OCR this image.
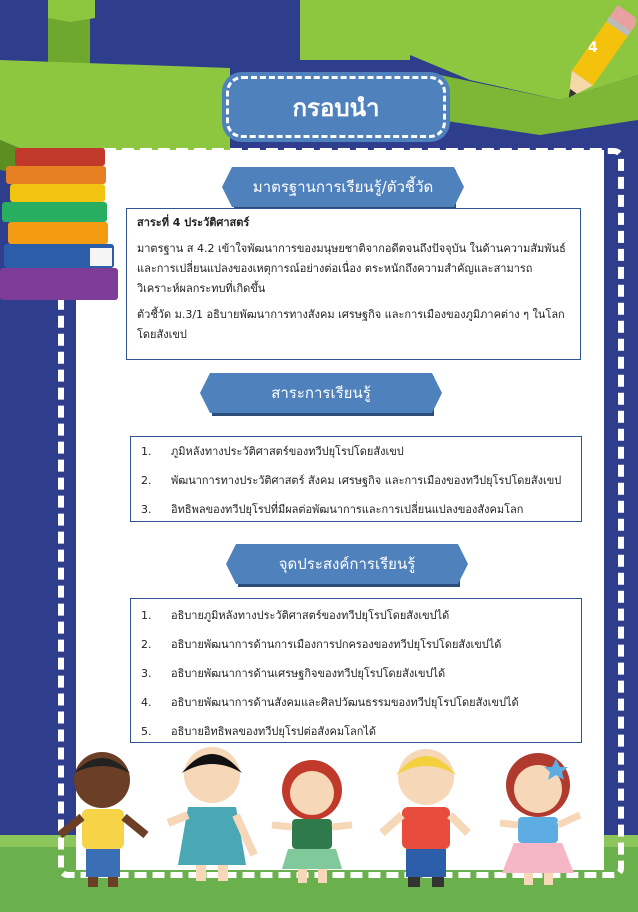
4
กรอบนำ
มาตรฐานการเรียนรู้/ตัวชี้วัด

สาระที่ 4 ประวัติศาสตร์

มาตรฐาน ส 4.2 เข้าใจพัฒนาการของมนุษยชาติจากอดีตจนถึงปัจจุบัน ในด้านความสัมพันธ์และการเปลี่ยนแปลงของเหตุการณ์อย่างต่อเนื่อง ตระหนักถึงความสำคัญและสามารถ วิเคราะห์ผลกระทบที่เกิดขึ้น

ตัวชี้วัด ม.3/1 อธิบายพัฒนาการทางสังคม เศรษฐกิจ และการเมืองของภูมิภาคต่าง ๆ ในโลกโดยสังเขป

สาระการเรียนรู้
1.	ภูมิหลังทางประวัติศาสตร์ของทวีปยุโรปโดยสังเขป
2.	พัฒนาการทางประวัติศาสตร์ สังคม เศรษฐกิจ และการเมืองของทวีปยุโรปโดยสังเขป
3.	อิทธิพลของทวีปยุโรปที่มีผลต่อพัฒนาการและการเปลี่ยนแปลงของสังคมโลก
จุดประสงค์การเรียนรู้
1.	อธิบายภูมิหลังทางประวัติศาสตร์ของทวีปยุโรปโดยสังเขปได้
2.	อธิบายพัฒนาการด้านการเมืองการปกครองของทวีปยุโรปโดยสังเขปได้
3.	อธิบายพัฒนาการด้านเศรษฐกิจของทวีปยุโรปโดยสังเขปได้
4.	อธิบายพัฒนาการด้านสังคมและศิลปวัฒนธรรมของทวีปยุโรปโดยสังเขปได้
5.	อธิบายอิทธิพลของทวีปยุโรปต่อสังคมโลกได้
